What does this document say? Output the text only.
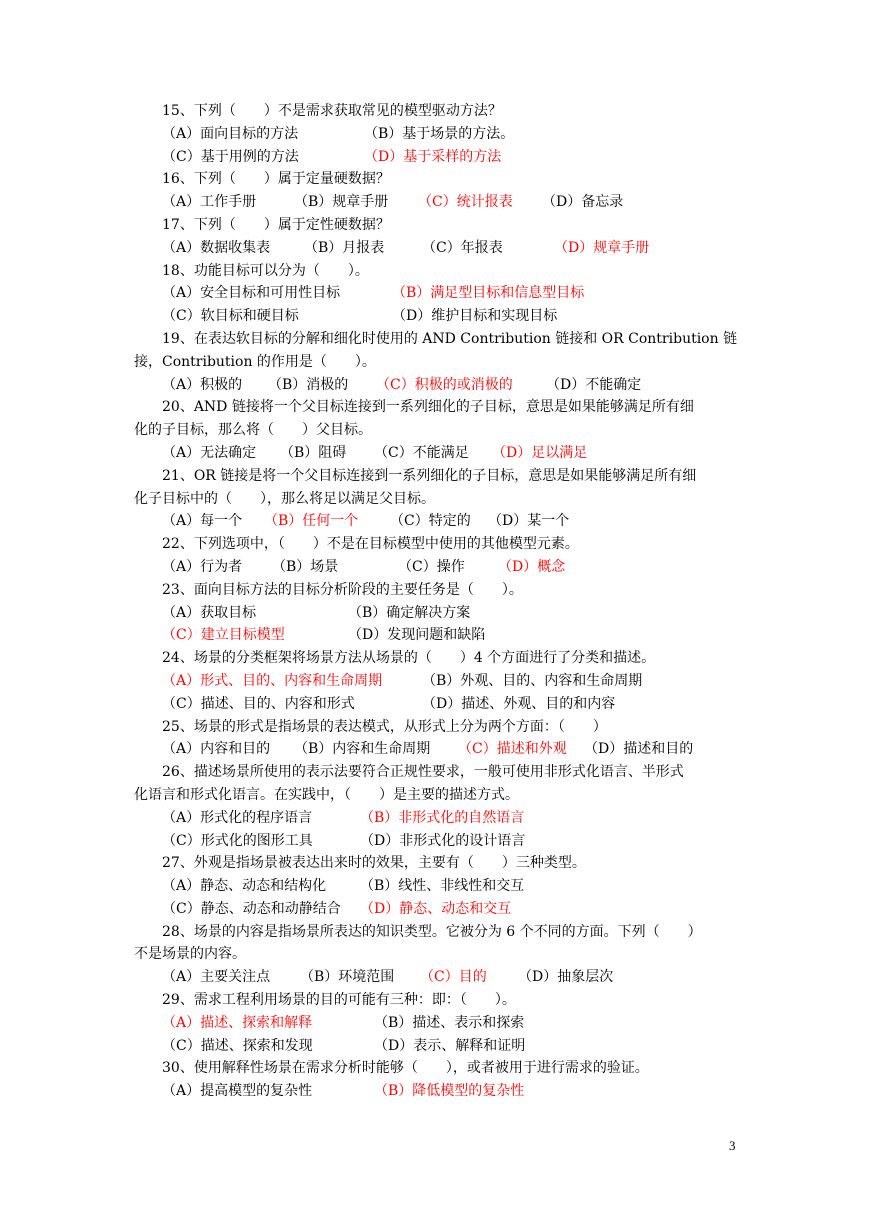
15、下列（　　）不是需求获取常见的模型驱动方法？
（A）面向目标的方法	（B）基于场景的方法。
（C）基于用例的方法	（D）基于采样的方法
16、下列（　　）属于定量硬数据？
（A）工作手册	（B）规章手册 （C）统计报表 （D）备忘录
17、下列（　　）属于定性硬数据？
（A）数据收集表 （B）月报表	（C）年报表	（D）规章手册
18、功能目标可以分为（　　）。
（A）安全目标和可用性目标	（B）满足型目标和信息型目标
（C）软目标和硬目标	（D）维护目标和实现目标
19、在表达软目标的分解和细化时使用的 AND Contribution 链接和 OR Contribution 链
接，Contribution 的作用是（　　）。
（A）积极的 （B）消极的 （C）积极的或消极的 （D）不能确定
20、AND 链接将一个父目标连接到一系列细化的子目标，意思是如果能够满足所有细
化的子目标，那么将（　　）父目标。
（A）无法确定 （B）阻碍 （C）不能满足 （D）足以满足
21、OR 链接是将一个父目标连接到一系列细化的子目标，意思是如果能够满足所有细
化子目标中的（　　），那么将足以满足父目标。
（A）每一个 （B）任何一个 （C）特定的 （D）某一个
22、下列选项中，（　　）不是在目标模型中使用的其他模型元素。
（A）行为者 （B）场景	（C）操作 （D）概念
23、面向目标方法的目标分析阶段的主要任务是（　　）。
（A）获取目标	（B）确定解决方案
（C）建立目标模型	（D）发现问题和缺陷
24、场景的分类框架将场景方法从场景的（　　）4 个方面进行了分类和描述。
（A）形式、目的、内容和生命周期	（B）外观、目的、内容和生命周期
（C）描述、目的、内容和形式	（D）描述、外观、目的和内容
25、场景的形式是指场景的表达模式，从形式上分为两个方面：（　　）
（A）内容和目的 （B）内容和生命周期 （C）描述和外观 （D）描述和目的
26、描述场景所使用的表示法要符合正规性要求，一般可使用非形式化语言、半形式
化语言和形式化语言。在实践中，（　　）是主要的描述方式。
（A）形式化的程序语言	（B）非形式化的自然语言
（C）形式化的图形工具	（D）非形式化的设计语言
27、外观是指场景被表达出来时的效果，主要有（　　）三种类型。
（A）静态、动态和结构化 （B）线性、非线性和交互
（C）静态、动态和动静结合 （D）静态、动态和交互
28、场景的内容是指场景所表达的知识类型。它被分为 6 个不同的方面。下列（　　）
不是场景的内容。
（A）主要关注点 （B）环境范围 （C）目的 （D）抽象层次
29、需求工程利用场景的目的可能有三种：即：（　　）。
（A）描述、探索和解释	（B）描述、表示和探索
（C）描述、探索和发现	（D）表示、解释和证明
30、使用解释性场景在需求分析时能够（　　），或者被用于进行需求的验证。
（A）提高模型的复杂性	（B）降低模型的复杂性
3
